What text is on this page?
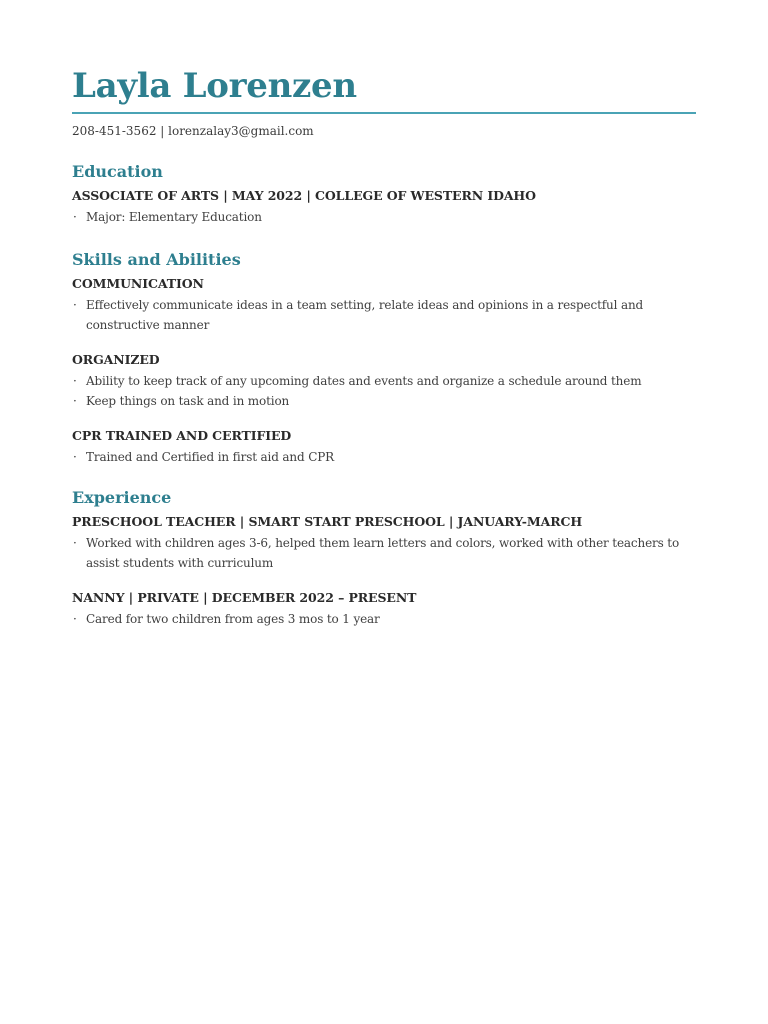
Layla Lorenzen
208-451-3562 | lorenzalay3@gmail.com
Education
ASSOCIATE OF ARTS | MAY 2022 | COLLEGE OF WESTERN IDAHO
· Major: Elementary Education
Skills and Abilities
COMMUNICATION
· Effectively communicate ideas in a team setting, relate ideas and opinions in a respectful and constructive manner
ORGANIZED
· Ability to keep track of any upcoming dates and events and organize a schedule around them
· Keep things on task and in motion
CPR TRAINED AND CERTIFIED
· Trained and Certified in first aid and CPR
Experience
PRESCHOOL TEACHER | SMART START PRESCHOOL | JANUARY-MARCH
· Worked with children ages 3-6, helped them learn letters and colors, worked with other teachers to assist students with curriculum
NANNY | PRIVATE | DECEMBER 2022 – PRESENT
· Cared for two children from ages 3 mos to 1 year
